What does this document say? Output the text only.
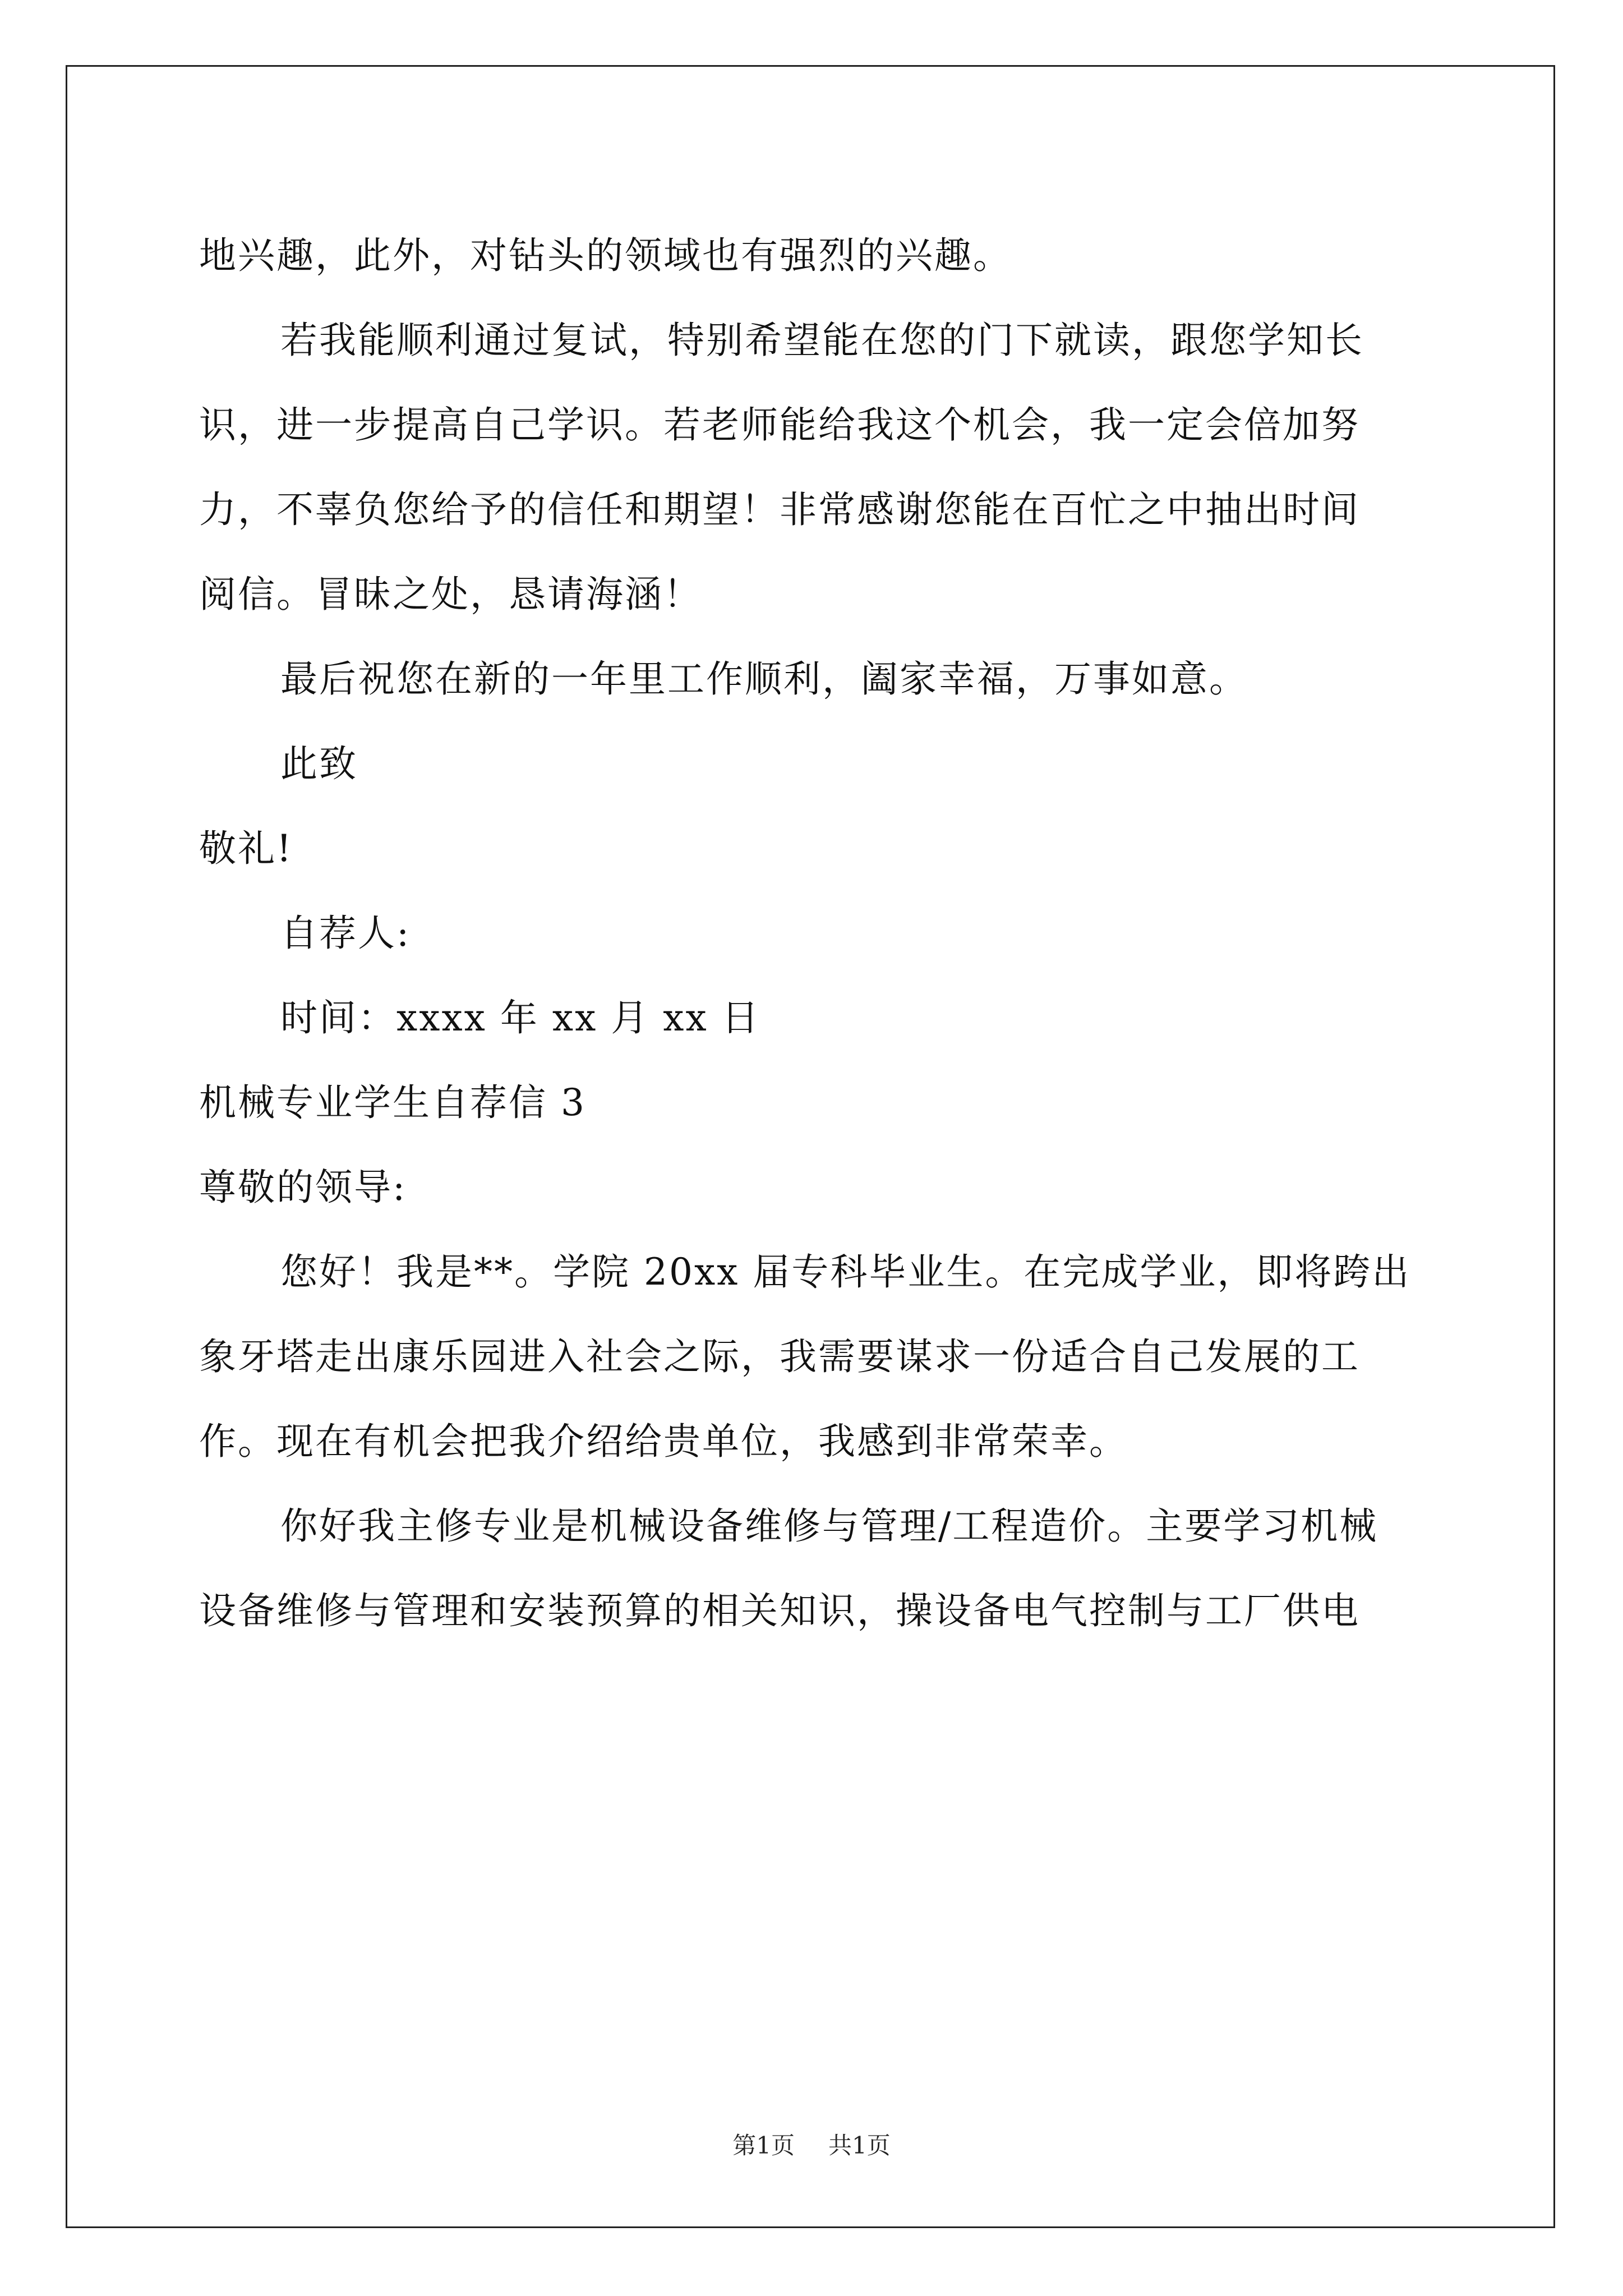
地兴趣，此外，对钻头的领域也有强烈的兴趣。
若我能顺利通过复试，特别希望能在您的门下就读，跟您学知长
识，进一步提高自己学识。若老师能给我这个机会，我一定会倍加努
力，不辜负您给予的信任和期望！非常感谢您能在百忙之中抽出时间
阅信。冒昧之处，恳请海涵！
最后祝您在新的一年里工作顺利，阖家幸福，万事如意。
此致
敬礼!
自荐人:
时间：xxxx 年 xx 月 xx 日
机械专业学生自荐信 3
尊敬的领导:
您好！我是**。学院 20xx 届专科毕业生。在完成学业，即将跨出
象牙塔走出康乐园进入社会之际，我需要谋求一份适合自己发展的工
作。现在有机会把我介绍给贵单位，我感到非常荣幸。
你好我主修专业是机械设备维修与管理/工程造价。主要学习机械
设备维修与管理和安装预算的相关知识，操设备电气控制与工厂供电
第1页 共1页
